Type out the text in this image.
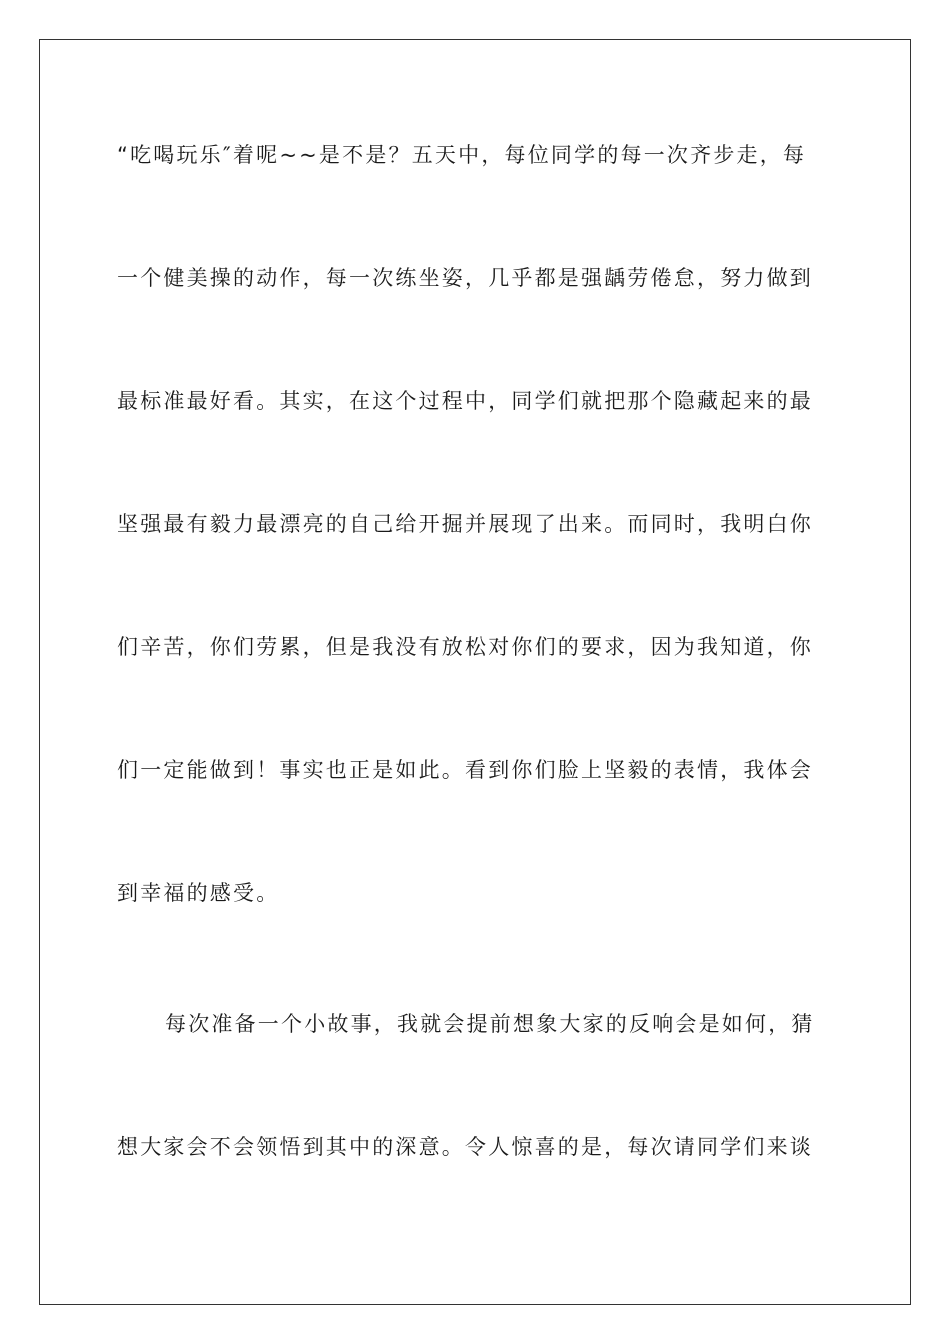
“吃喝玩乐″着呢~~是不是？五天中，每位同学的每一次齐步走，每
一个健美操的动作，每一次练坐姿，几乎都是强龋劳倦怠，努力做到
最标准最好看。其实，在这个过程中，同学们就把那个隐藏起来的最
坚强最有毅力最漂亮的自己给开掘并展现了出来。而同时，我明白你
们辛苦，你们劳累，但是我没有放松对你们的要求，因为我知道，你
们一定能做到！事实也正是如此。看到你们脸上坚毅的表情，我体会
到幸福的感受。
每次准备一个小故事，我就会提前想象大家的反响会是如何，猜
想大家会不会领悟到其中的深意。令人惊喜的是，每次请同学们来谈
